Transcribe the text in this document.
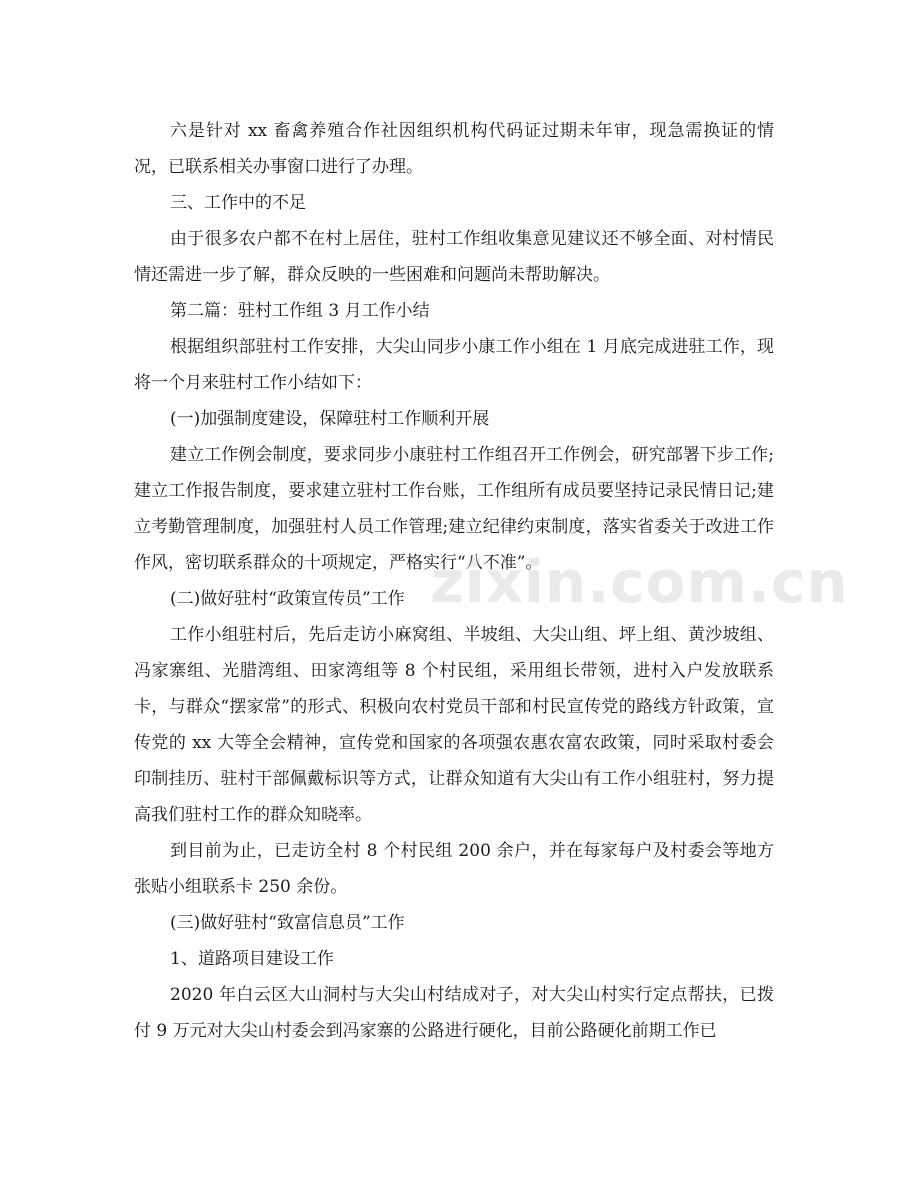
六是针对 xx 畜禽养殖合作社因组织机构代码证过期未年审，现急需换证的情况，已联系相关办事窗口进行了办理。

三、工作中的不足

由于很多农户都不在村上居住，驻村工作组收集意见建议还不够全面、对村情民情还需进一步了解，群众反映的一些困难和问题尚未帮助解决。

第二篇：驻村工作组 3 月工作小结

根据组织部驻村工作安排，大尖山同步小康工作小组在 1 月底完成进驻工作，现将一个月来驻村工作小结如下：

(一)加强制度建设，保障驻村工作顺利开展

建立工作例会制度，要求同步小康驻村工作组召开工作例会，研究部署下步工作;建立工作报告制度，要求建立驻村工作台账，工作组所有成员要坚持记录民情日记;建立考勤管理制度，加强驻村人员工作管理;建立纪律约束制度，落实省委关于改进工作作风，密切联系群众的十项规定，严格实行“八不准”。

(二)做好驻村“政策宣传员”工作

工作小组驻村后，先后走访小麻窝组、半坡组、大尖山组、坪上组、黄沙坡组、冯家寨组、光腊湾组、田家湾组等 8 个村民组，采用组长带领，进村入户发放联系卡，与群众“摆家常”的形式、积极向农村党员干部和村民宣传党的路线方针政策，宣传党的 xx 大等全会精神，宣传党和国家的各项强农惠农富农政策，同时采取村委会印制挂历、驻村干部佩戴标识等方式，让群众知道有大尖山有工作小组驻村，努力提高我们驻村工作的群众知晓率。

到目前为止，已走访全村 8 个村民组 200 余户，并在每家每户及村委会等地方张贴小组联系卡 250 余份。

(三)做好驻村“致富信息员”工作

1、道路项目建设工作

2020 年白云区大山洞村与大尖山村结成对子，对大尖山村实行定点帮扶，已拨付 9 万元对大尖山村委会到冯家寨的公路进行硬化，目前公路硬化前期工作已

zixin.com.cn
